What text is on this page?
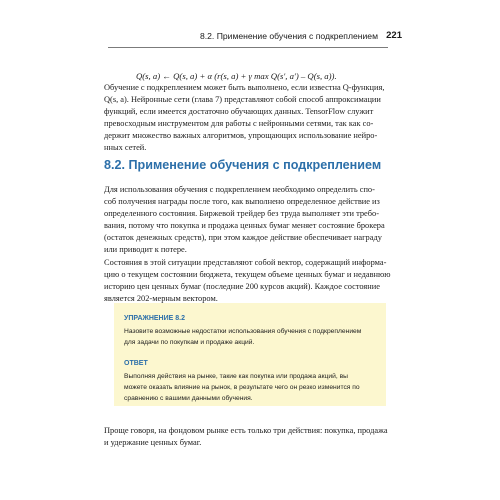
8.2. Применение обучения с подкреплением 221
Q(s, a) ← Q(s, a) + α (r(s, a) + γ max Q(s′, a′) – Q(s, a)).
Обучение с подкреплением может быть выполнено, если известна Q-функция,
Q(s, a). Нейронные сети (глава 7) представляют собой способ аппроксимации
функций, если имеется достаточно обучающих данных. TensorFlow служит
превосходным инструментом для работы с нейронными сетями, так как со-
держит множество важных алгоритмов, упрощающих использование нейро-
нных сетей.
8.2. Применение обучения с подкреплением
Для использования обучения с подкреплением необходимо определить спо-
соб получения награды после того, как выполнено определенное действие из
определенного состояния. Биржевой трейдер без труда выполняет эти требо-
вания, потому что покупка и продажа ценных бумаг меняет состояние брокера
(остаток денежных средств), при этом каждое действие обеспечивает награду
или приводит к потере.
Состояния в этой ситуации представляют собой вектор, содержащий информа-
цию о текущем состоянии бюджета, текущем объеме ценных бумаг и недавнюю
историю цен ценных бумаг (последние 200 курсов акций). Каждое состояние
является 202-мерным вектором.
УПРАЖНЕНИЕ 8.2
Назовите возможные недостатки использования обучения с подкреплением
для задачи по покупкам и продаже акций.
ОТВЕТ
Выполняя действия на рынке, такие как покупка или продажа акций, вы
можете оказать влияние на рынок, в результате чего он резко изменится по
сравнению с вашими данными обучения.
Проще говоря, на фондовом рынке есть только три действия: покупка, продажа
и удержание ценных бумаг.
